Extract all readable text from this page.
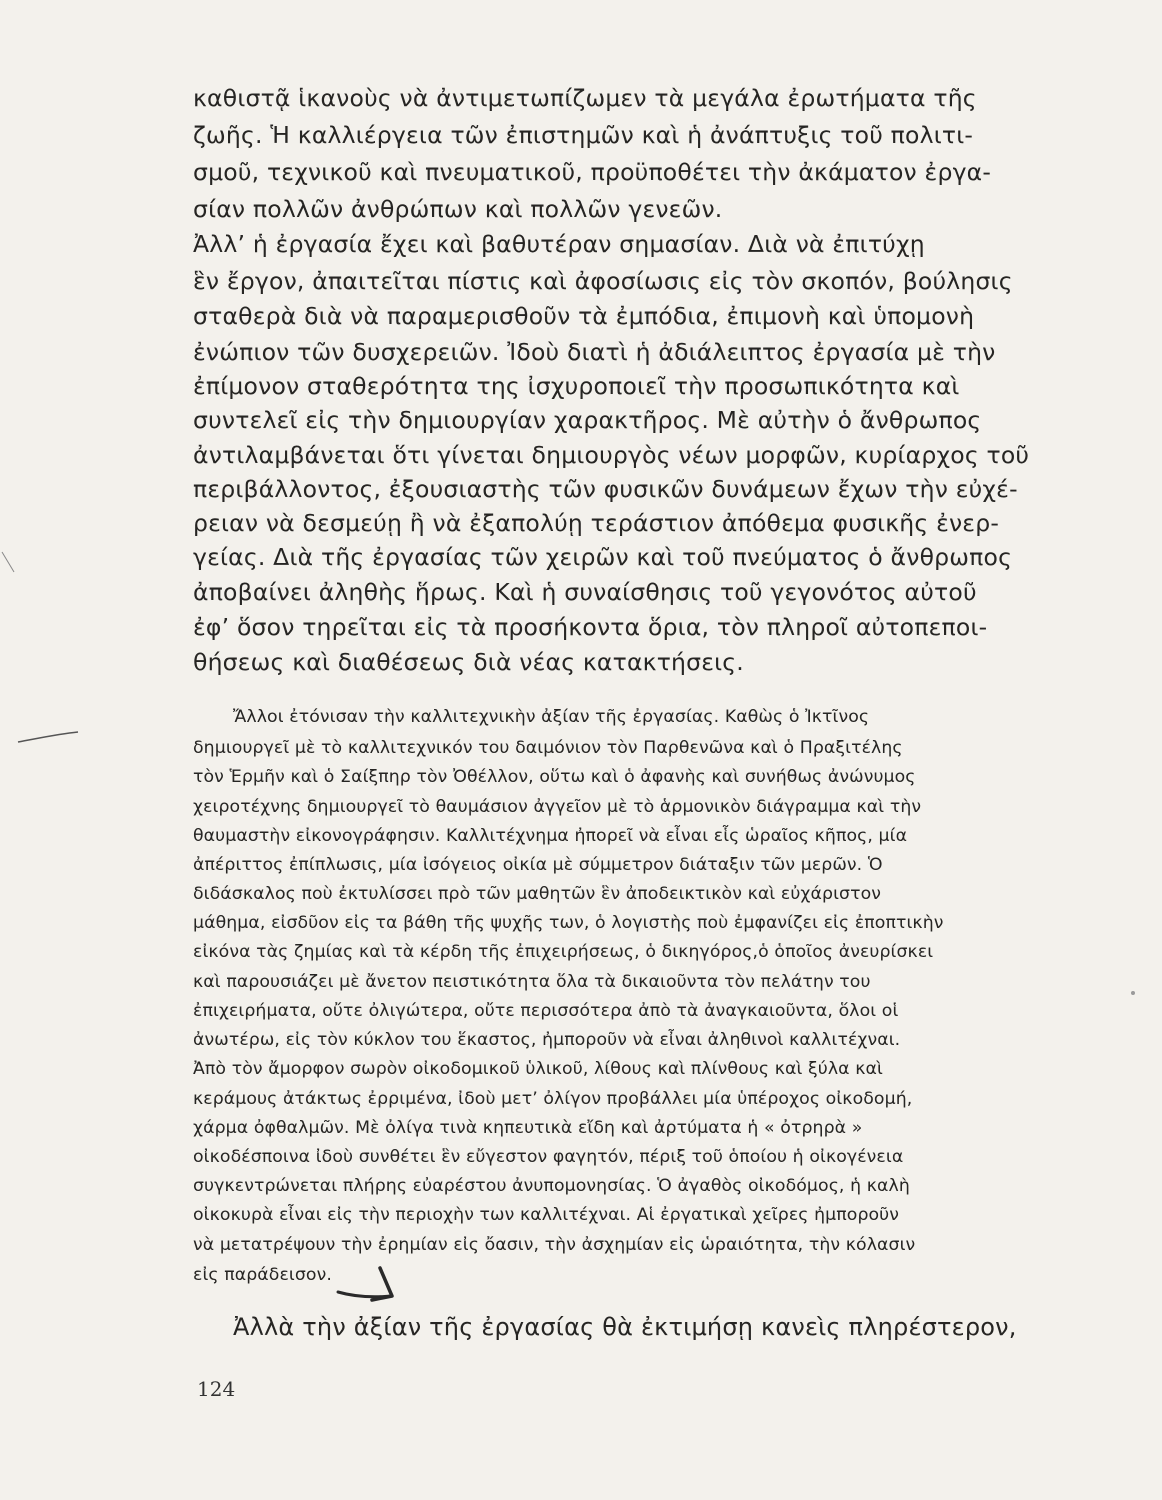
καθιστᾷ ἱκανοὺς νὰ ἀντιμετωπίζωμεν τὰ μεγάλα ἐρωτήματα τῆς
ζωῆς. Ἡ καλλιέργεια τῶν ἐπιστημῶν καὶ ἡ ἀνάπτυξις τοῦ πολιτι-
σμοῦ, τεχνικοῦ καὶ πνευματικοῦ, προϋποθέτει τὴν ἀκάματον ἐργα-
σίαν πολλῶν ἀνθρώπων καὶ πολλῶν γενεῶν.
Ἀλλ’ ἡ ἐργασία ἔχει καὶ βαθυτέραν σημασίαν. Διὰ νὰ ἐπιτύχῃ
ἓν ἔργον, ἀπαιτεῖται πίστις καὶ ἀφοσίωσις εἰς τὸν σκοπόν, βούλησις
σταθερὰ διὰ νὰ παραμερισθοῦν τὰ ἐμπόδια, ἐπιμονὴ καὶ ὑπομονὴ
ἐνώπιον τῶν δυσχερειῶν. Ἰδοὺ διατὶ ἡ ἀδιάλειπτος ἐργασία μὲ τὴν
ἐπίμονον σταθερότητα της ἰσχυροποιεῖ τὴν προσωπικότητα καὶ
συντελεῖ εἰς τὴν δημιουργίαν χαρακτῆρος. Μὲ αὐτὴν ὁ ἄνθρωπος
ἀντιλαμβάνεται ὅτι γίνεται δημιουργὸς νέων μορφῶν, κυρίαρχος τοῦ
περιβάλλοντος, ἐξουσιαστὴς τῶν φυσικῶν δυνάμεων ἔχων τὴν εὐχέ-
ρειαν νὰ δεσμεύῃ ἢ νὰ ἐξαπολύῃ τεράστιον ἀπόθεμα φυσικῆς ἐνερ-
γείας. Διὰ τῆς ἐργασίας τῶν χειρῶν καὶ τοῦ πνεύματος ὁ ἄνθρωπος
ἀποβαίνει ἀληθὴς ἥρως. Καὶ ἡ συναίσθησις τοῦ γεγονότος αὐτοῦ
ἐφ’ ὅσον τηρεῖται εἰς τὰ προσήκοντα ὅρια, τὸν πληροῖ αὐτοπεποι-
θήσεως καὶ διαθέσεως διὰ νέας κατακτήσεις.
Ἄλλοι ἐτόνισαν τὴν καλλιτεχνικὴν ἀξίαν τῆς ἐργασίας. Καθὼς ὁ Ἰκτῖνος
δημιουργεῖ μὲ τὸ καλλιτεχνικόν του δαιμόνιον τὸν Παρθενῶνα καὶ ὁ Πραξιτέλης
τὸν Ἑρμῆν καὶ ὁ Σαίξπηρ τὸν Ὀθέλλον, οὕτω καὶ ὁ ἀφανὴς καὶ συνήθως ἀνώνυμος
χειροτέχνης δημιουργεῖ τὸ θαυμάσιον ἀγγεῖον μὲ τὸ ἁρμονικὸν διάγραμμα καὶ τὴν
θαυμαστὴν εἰκονογράφησιν. Καλλιτέχνημα ἠπορεῖ νὰ εἶναι εἷς ὡραῖος κῆπος, μία
ἀπέριττος ἐπίπλωσις, μία ἰσόγειος οἰκία μὲ σύμμετρον διάταξιν τῶν μερῶν. Ὁ
διδάσκαλος ποὺ ἐκτυλίσσει πρὸ τῶν μαθητῶν ἓν ἀποδεικτικὸν καὶ εὐχάριστον
μάθημα, εἰσδῦον εἰς τα βάθη τῆς ψυχῆς των, ὁ λογιστὴς ποὺ ἐμφανίζει εἰς ἐποπτικὴν
εἰκόνα τὰς ζημίας καὶ τὰ κέρδη τῆς ἐπιχειρήσεως, ὁ δικηγόρος,ὁ ὁποῖος ἀνευρίσκει
καὶ παρουσιάζει μὲ ἄνετον πειστικότητα ὅλα τὰ δικαιοῦντα τὸν πελάτην του
ἐπιχειρήματα, οὔτε ὀλιγώτερα, οὔτε περισσότερα ἀπὸ τὰ ἀναγκαιοῦντα, ὅλοι οἱ
ἀνωτέρω, εἰς τὸν κύκλον του ἕκαστος, ἠμποροῦν νὰ εἶναι ἀληθινοὶ καλλιτέχναι.
Ἀπὸ τὸν ἄμορφον σωρὸν οἰκοδομικοῦ ὑλικοῦ, λίθους καὶ πλίνθους καὶ ξύλα καὶ
κεράμους ἀτάκτως ἐρριμένα, ἰδοὺ μετ’ ὀλίγον προβάλλει μία ὑπέροχος οἰκοδομή,
χάρμα ὀφθαλμῶν. Μὲ ὀλίγα τινὰ κηπευτικὰ εἴδη καὶ ἀρτύματα ἡ « ὀτρηρὰ »
οἰκοδέσποινα ἰδοὺ συνθέτει ἓν εὔγεστον φαγητόν, πέριξ τοῦ ὁποίου ἡ οἰκογένεια
συγκεντρώνεται πλήρης εὐαρέστου ἀνυπομονησίας. Ὁ ἀγαθὸς οἰκοδόμος, ἡ καλὴ
οἰκοκυρὰ εἶναι εἰς τὴν περιοχὴν των καλλιτέχναι. Αἱ ἐργατικαὶ χεῖρες ἠμποροῦν
νὰ μετατρέψουν τὴν ἐρημίαν εἰς ὄασιν, τὴν ἀσχημίαν εἰς ὡραιότητα, τὴν κόλασιν
εἰς παράδεισον.
Ἀλλὰ τὴν ἀξίαν τῆς ἐργασίας θὰ ἐκτιμήσῃ κανεὶς πληρέστερον,
124
